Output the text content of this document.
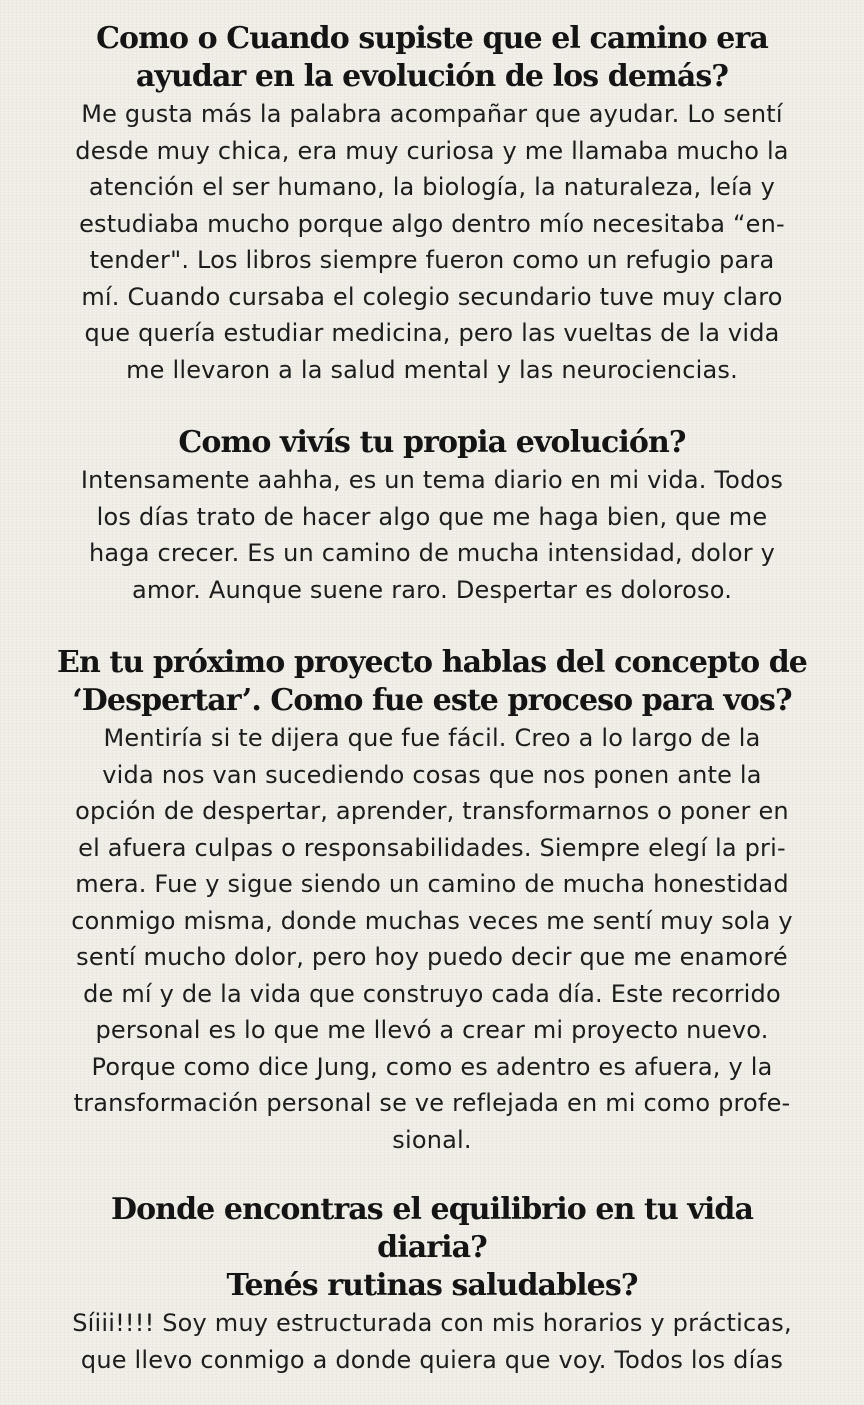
Como o Cuando supiste que el camino era
ayudar en la evolución de los demás?
Me gusta más la palabra acompañar que ayudar. Lo sentí
desde muy chica, era muy curiosa y me llamaba mucho la
atención el ser humano, la biología, la naturaleza, leía y
estudiaba mucho porque algo dentro mío necesitaba “en-
tender". Los libros siempre fueron como un refugio para
mí. Cuando cursaba el colegio secundario tuve muy claro
que quería estudiar medicina, pero las vueltas de la vida
me llevaron a la salud mental y las neurociencias.
Como vivís tu propia evolución?
Intensamente aahha, es un tema diario en mi vida. Todos
los días trato de hacer algo que me haga bien, que me
haga crecer. Es un camino de mucha intensidad, dolor y
amor. Aunque suene raro. Despertar es doloroso.
En tu próximo proyecto hablas del concepto de
‘Despertar’. Como fue este proceso para vos?
Mentiría si te dijera que fue fácil. Creo a lo largo de la
vida nos van sucediendo cosas que nos ponen ante la
opción de despertar, aprender, transformarnos o poner en
el afuera culpas o responsabilidades. Siempre elegí la pri-
mera. Fue y sigue siendo un camino de mucha honestidad
conmigo misma, donde muchas veces me sentí muy sola y
sentí mucho dolor, pero hoy puedo decir que me enamoré
de mí y de la vida que construyo cada día. Este recorrido
personal es lo que me llevó a crear mi proyecto nuevo.
Porque como dice Jung, como es adentro es afuera, y la
transformación personal se ve reflejada en mi como profe-
sional.
Donde encontras el equilibrio en tu vida diaria?
Tenés rutinas saludables?
Síiii!!!! Soy muy estructurada con mis horarios y prácticas,
que llevo conmigo a donde quiera que voy. Todos los días
